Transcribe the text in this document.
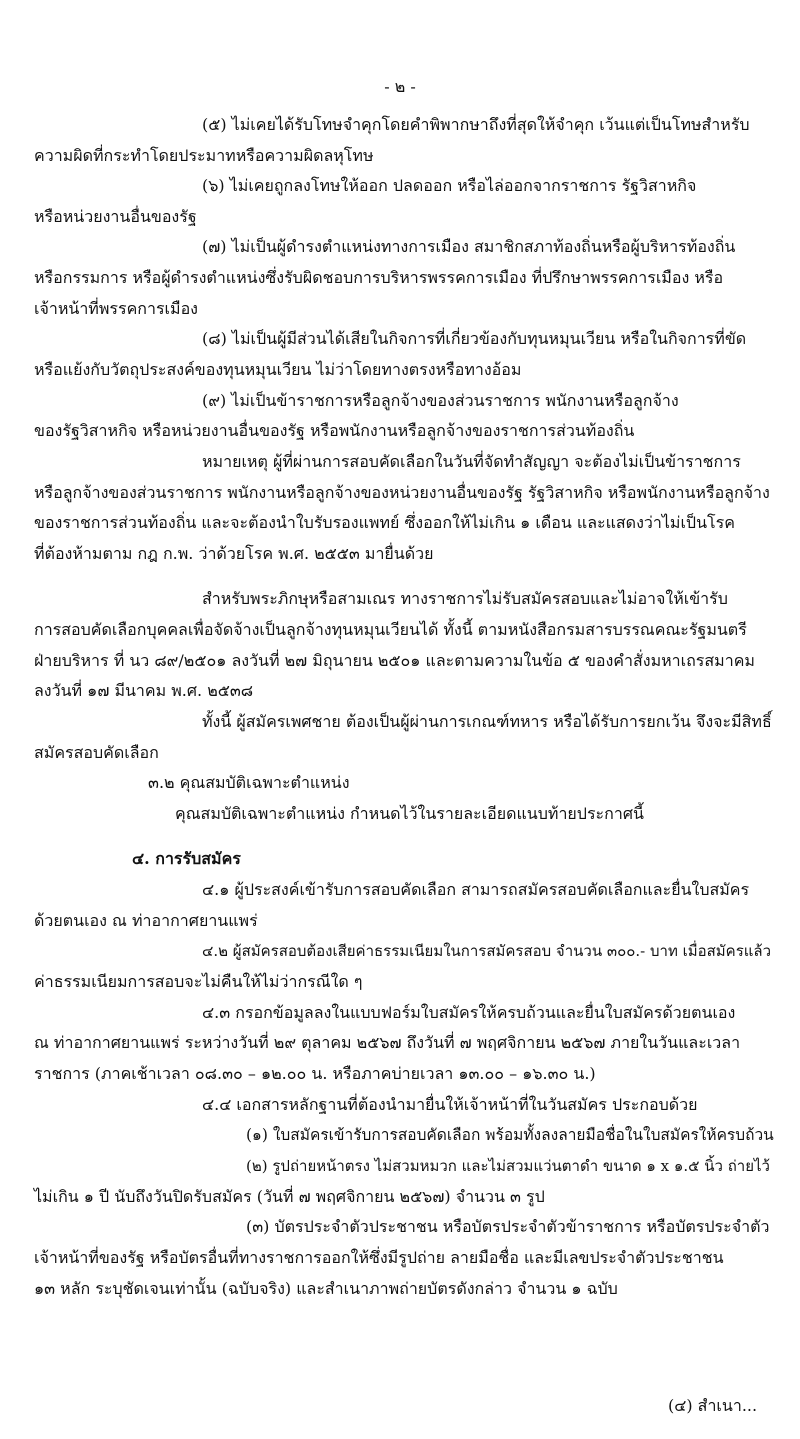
- ๒ -
(๕) ไม่เคยได้รับโทษจำคุกโดยคำพิพากษาถึงที่สุดให้จำคุก เว้นแต่เป็นโทษสำหรับ
ความผิดที่กระทำโดยประมาทหรือความผิดลหุโทษ
(๖) ไม่เคยถูกลงโทษให้ออก ปลดออก หรือไล่ออกจากราชการ รัฐวิสาหกิจ
หรือหน่วยงานอื่นของรัฐ
(๗) ไม่เป็นผู้ดำรงตำแหน่งทางการเมือง สมาชิกสภาท้องถิ่นหรือผู้บริหารท้องถิ่น
หรือกรรมการ หรือผู้ดำรงตำแหน่งซึ่งรับผิดชอบการบริหารพรรคการเมือง ที่ปรึกษาพรรคการเมือง หรือ
เจ้าหน้าที่พรรคการเมือง
(๘) ไม่เป็นผู้มีส่วนได้เสียในกิจการที่เกี่ยวข้องกับทุนหมุนเวียน หรือในกิจการที่ขัด
หรือแย้งกับวัตถุประสงค์ของทุนหมุนเวียน ไม่ว่าโดยทางตรงหรือทางอ้อม
(๙) ไม่เป็นข้าราชการหรือลูกจ้างของส่วนราชการ พนักงานหรือลูกจ้าง
ของรัฐวิสาหกิจ หรือหน่วยงานอื่นของรัฐ หรือพนักงานหรือลูกจ้างของราชการส่วนท้องถิ่น
หมายเหตุ ผู้ที่ผ่านการสอบคัดเลือกในวันที่จัดทำสัญญา จะต้องไม่เป็นข้าราชการ
หรือลูกจ้างของส่วนราชการ พนักงานหรือลูกจ้างของหน่วยงานอื่นของรัฐ รัฐวิสาหกิจ หรือพนักงานหรือลูกจ้าง
ของราชการส่วนท้องถิ่น และจะต้องนำใบรับรองแพทย์ ซึ่งออกให้ไม่เกิน ๑ เดือน และแสดงว่าไม่เป็นโรค
ที่ต้องห้ามตาม กฎ ก.พ. ว่าด้วยโรค พ.ศ. ๒๕๕๓ มายื่นด้วย
สำหรับพระภิกษุหรือสามเณร ทางราชการไม่รับสมัครสอบและไม่อาจให้เข้ารับ
การสอบคัดเลือกบุคคลเพื่อจัดจ้างเป็นลูกจ้างทุนหมุนเวียนได้ ทั้งนี้ ตามหนังสือกรมสารบรรณคณะรัฐมนตรี
ฝ่ายบริหาร ที่ นว ๘๙/๒๕๐๑ ลงวันที่ ๒๗ มิถุนายน ๒๕๐๑ และตามความในข้อ ๕ ของคำสั่งมหาเถรสมาคม
ลงวันที่ ๑๗ มีนาคม พ.ศ. ๒๕๓๘
ทั้งนี้ ผู้สมัครเพศชาย ต้องเป็นผู้ผ่านการเกณฑ์ทหาร หรือได้รับการยกเว้น จึงจะมีสิทธิ์
สมัครสอบคัดเลือก
๓.๒ คุณสมบัติเฉพาะตำแหน่ง
คุณสมบัติเฉพาะตำแหน่ง กำหนดไว้ในรายละเอียดแนบท้ายประกาศนี้
๔. การรับสมัคร
๔.๑ ผู้ประสงค์เข้ารับการสอบคัดเลือก สามารถสมัครสอบคัดเลือกและยื่นใบสมัคร
ด้วยตนเอง ณ ท่าอากาศยานแพร่
๔.๒ ผู้สมัครสอบต้องเสียค่าธรรมเนียมในการสมัครสอบ จำนวน ๓๐๐.- บาท เมื่อสมัครแล้ว
ค่าธรรมเนียมการสอบจะไม่คืนให้ไม่ว่ากรณีใด ๆ
๔.๓ กรอกข้อมูลลงในแบบฟอร์มใบสมัครให้ครบถ้วนและยื่นใบสมัครด้วยตนเอง
ณ ท่าอากาศยานแพร่ ระหว่างวันที่ ๒๙ ตุลาคม ๒๕๖๗ ถึงวันที่ ๗ พฤศจิกายน ๒๕๖๗ ภายในวันและเวลา
ราชการ (ภาคเช้าเวลา ๐๘.๓๐ – ๑๒.๐๐ น. หรือภาคบ่ายเวลา ๑๓.๐๐ – ๑๖.๓๐ น.)
๔.๔ เอกสารหลักฐานที่ต้องนำมายื่นให้เจ้าหน้าที่ในวันสมัคร ประกอบด้วย
(๑) ใบสมัครเข้ารับการสอบคัดเลือก พร้อมทั้งลงลายมือชื่อในใบสมัครให้ครบถ้วน
(๒) รูปถ่ายหน้าตรง ไม่สวมหมวก และไม่สวมแว่นตาดำ ขนาด ๑ x ๑.๕ นิ้ว ถ่ายไว้
ไม่เกิน ๑ ปี นับถึงวันปิดรับสมัคร (วันที่ ๗ พฤศจิกายน ๒๕๖๗) จำนวน ๓ รูป
(๓) บัตรประจำตัวประชาชน หรือบัตรประจำตัวข้าราชการ หรือบัตรประจำตัว
เจ้าหน้าที่ของรัฐ หรือบัตรอื่นที่ทางราชการออกให้ซึ่งมีรูปถ่าย ลายมือชื่อ และมีเลขประจำตัวประชาชน
๑๓ หลัก ระบุชัดเจนเท่านั้น (ฉบับจริง) และสำเนาภาพถ่ายบัตรดังกล่าว จำนวน ๑ ฉบับ
(๔) สำเนา...
